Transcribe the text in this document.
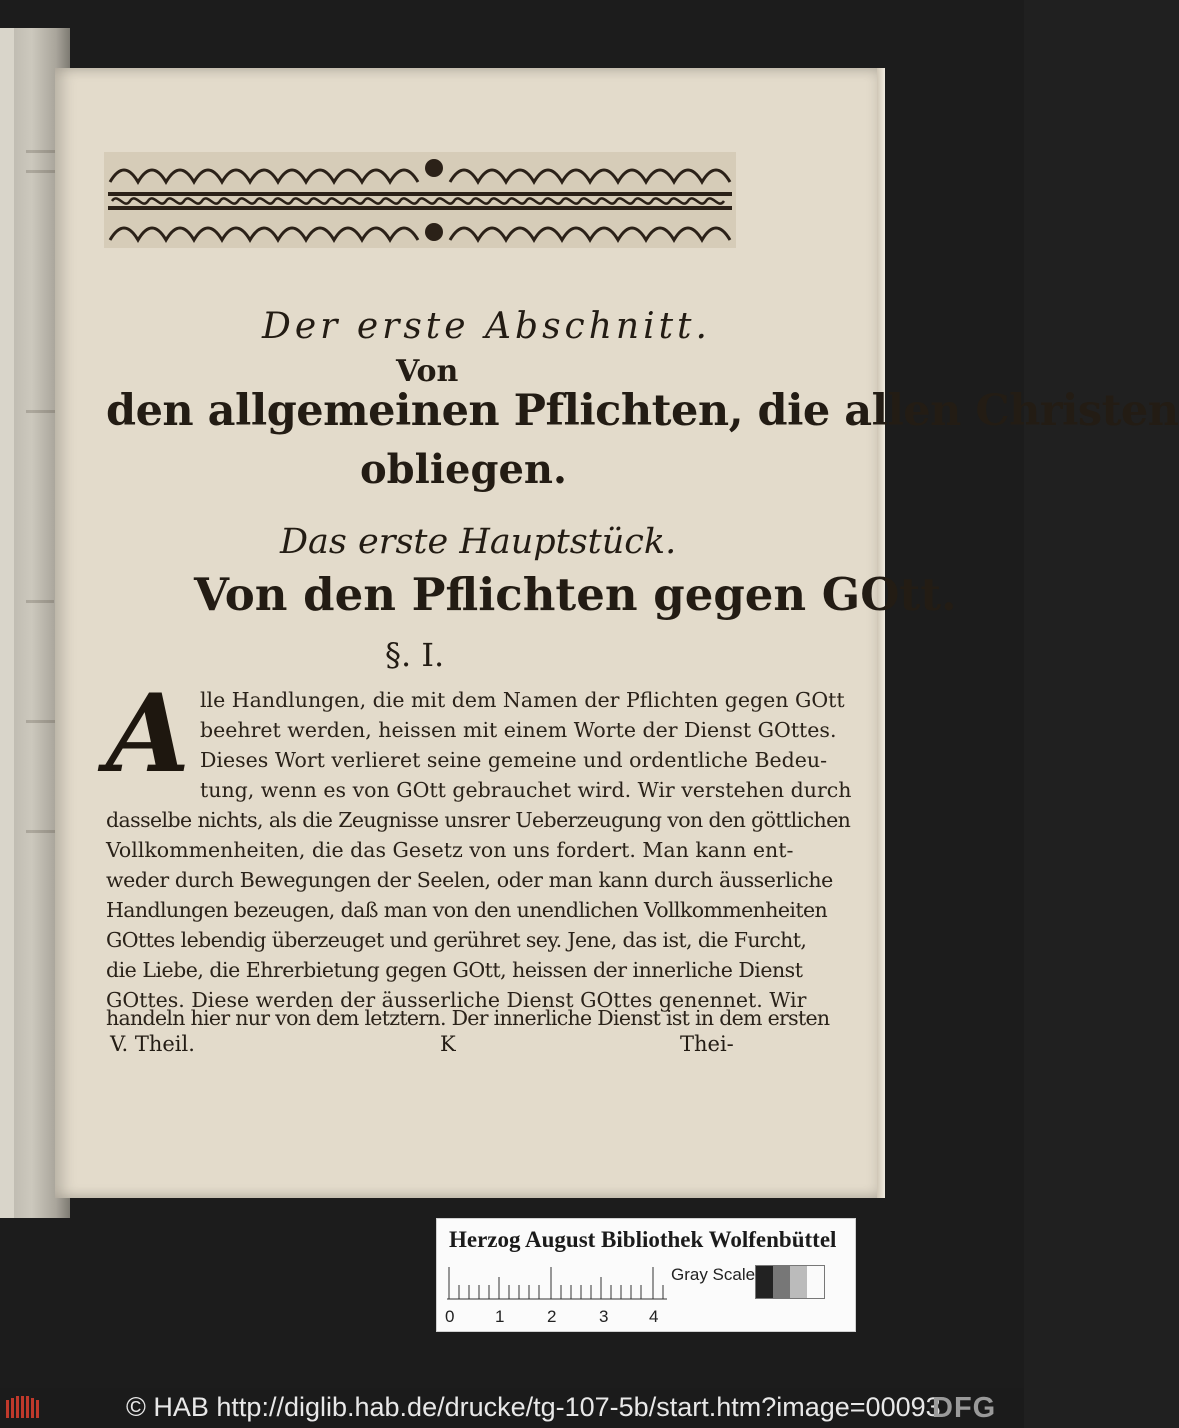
Der erste Abschnitt.
Von
den allgemeinen Pflichten, die allen Christen
obliegen.
Das erste Hauptstück.
Von den Pflichten gegen GOtt.
§. I.
A lle Handlungen, die mit dem Namen der Pflichten gegen GOtt
beehret werden, heissen mit einem Worte der Dienst GOttes.
Dieses Wort verlieret seine gemeine und ordentliche Bedeu-
tung, wenn es von GOtt gebrauchet wird. Wir verstehen durch
dasselbe nichts, als die Zeugnisse unsrer Ueberzeugung von den göttlichen
Vollkommenheiten, die das Gesetz von uns fordert. Man kann ent-
weder durch Bewegungen der Seelen, oder man kann durch äusserliche
Handlungen bezeugen, daß man von den unendlichen Vollkommenheiten
GOttes lebendig überzeuget und gerühret sey. Jene, das ist, die Furcht,
die Liebe, die Ehrerbietung gegen GOtt, heissen der innerliche Dienst
GOttes. Diese werden der äusserliche Dienst GOttes genennet. Wir
handeln hier nur von dem letztern. Der innerliche Dienst ist in dem ersten
V. Theil.	K	Thei-
Herzog August Bibliothek Wolfenbüttel
Gray Scale
0 1	2	3 4
© HAB http://diglib.hab.de/drucke/tg-107-5b/start.htm?image=00093
DFG
